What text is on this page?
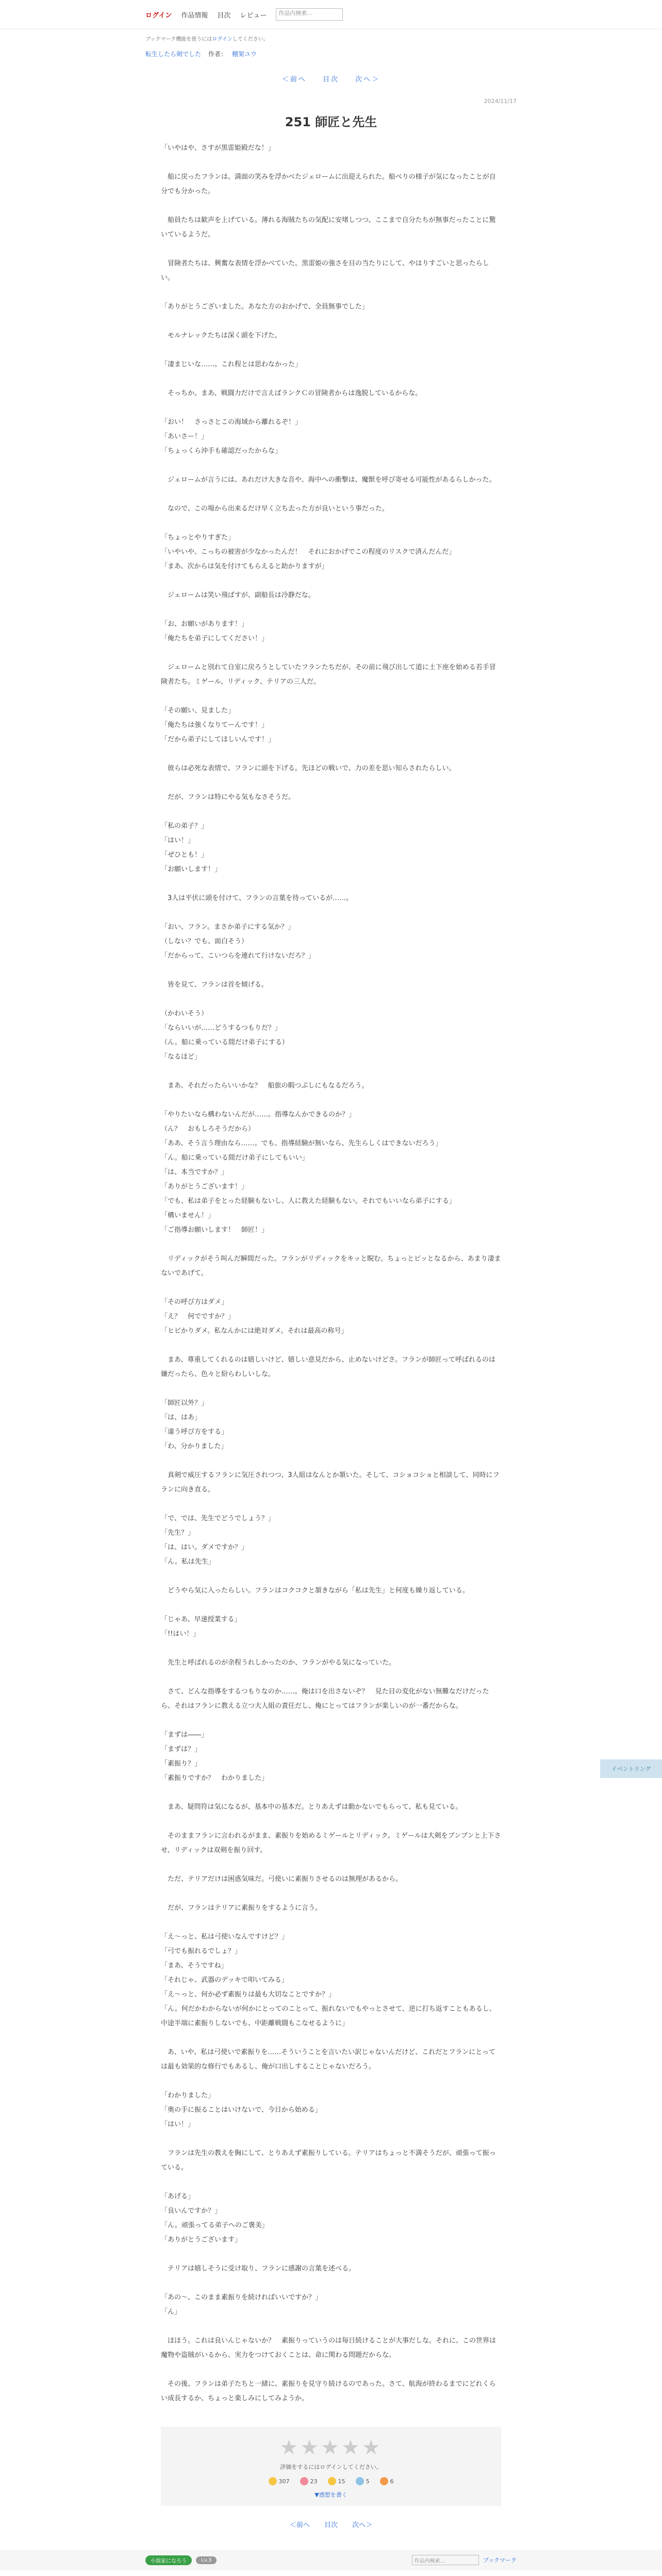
ログイン 作品情報 目次 レビュー	作品内検索…
ブックマーク機能を使うにはログインしてください。
転生したら剣でした 作者： 棚架ユウ
＜前へ 目次 次へ＞
2024/11/17
251 師匠と先生

「いやはや、さすが黒雷姫殿だな！」

　船に戻ったフランは、満面の笑みを浮かべたジェロームに出迎えられた。船べりの様子が気になったことが自分でも分かった。

　船員たちは歓声を上げている。薄れる海賊たちの気配に安堵しつつ、ここまで自分たちが無事だったことに驚いているようだ。

　冒険者たちは、興奮な表情を浮かべていた。黒雷姫の強さを目の当たりにして、やはりすごいと思ったらしい。

「ありがとうございました。あなた方のおかげで、全員無事でした」

　モルナレックたちは深く頭を下げた。

「凄まじいな……。これ程とは思わなかった」

　そっちか。まあ、戦闘力だけで言えばランクＣの冒険者からは逸脱しているからな。

「おい！　さっさとこの海域から離れるぞ！」
「あいさー！」
「ちょっくら沖手も確認だったからな」

　ジェロームが言うには、あれだけ大きな音や、海中への衝撃は、魔獣を呼び寄せる可能性があるらしかった。

　なので、この場から出来るだけ早く立ち去った方が良いという事だった。

「ちょっとやりすぎた」
「いやいや、こっちの被害が少なかったんだ！　それにおかげでこの程度のリスクで済んだんだ」
「まあ、次からは気を付けてもらえると助かりますが」

　ジェロームは笑い飛ばすが、副船長は冷静だな。

「お、お願いがあります！」
「俺たちを弟子にしてください！」

　ジェロームと別れて自室に戻ろうとしていたフランたちだが、その前に飛び出して道に土下座を始める若手冒険者たち。ミゲール、リディック、テリアの三人だ。

「その願い、見ました」
「俺たちは強くなりてーんです！」
「だから弟子にしてほしいんです！」

　彼らは必死な表情で、フランに頭を下げる。先ほどの戦いで、力の差を思い知らされたらしい。

　だが、フランは特にやる気もなさそうだ。

「私の弟子？」
「はい！」
「ぜひとも！」
「お願いします！」

　3人は平伏に頭を付けて、フランの言葉を待っているが……。

「おい、フラン。まさか弟子にする気か？」
（しない？でも、面白そう）
「だからって、こいつらを連れて行けないだろ？」

　皆を見て、フランは首を傾げる。

（かわいそう）
「ならいいが……どうするつもりだ？」
（ん。船に乗っている間だけ弟子にする）
「なるほど」

　まあ、それだったらいいかな？　船旅の暇つぶしにもなるだろう。

「やりたいなら構わないんだが……。指導なんかできるのか？」
（ん？　おもしろそうだから）
「ああ、そう言う理由なら……。でも、指導経験が無いなら、先生らしくはできないだろう」
「ん。船に乗っている間だけ弟子にしてもいい」
「は、本当ですか？」
「ありがとうございます！」
「でも、私は弟子をとった経験もないし、人に教えた経験もない。それでもいいなら弟子にする」
「構いません！」
「ご指導お願いします！　師匠！」

　リディックがそう叫んだ瞬間だった。フランがリディックをキッと睨む。ちょっとピッとなるから、あまり凄まないであげて。

「その呼び方はダメ」
「え？　何でですか？」
「ヒビかりダメ。私なんかには絶対ダメ。それは最高の称号」

　まあ、尊重してくれるのは嬉しいけど、嬉しい意見だから、止めないけどさ。フランが師匠って呼ばれるのは嫌だったら、色々と紛らわしいしな。

「師匠以外？」
「は、はあ」
「違う呼び方をする」
「わ、分かりました」

　真剣で威圧するフランに気圧されつつ、3人組はなんとか頷いた。そして、コショコショと相談して、同時にフランに向き直る。

「で、では、先生でどうでしょう？」
「先生？」
「は、はい。ダメですか？」
「ん。私は先生」

　どうやら気に入ったらしい。フランはコクコクと頷きながら「私は先生」と何度も繰り返している。

「じゃあ、早速授業する」
「!!はい！」

　先生と呼ばれるのが余程うれしかったのか、フランがやる気になっていた。

　さて、どんな指導をするつもりなのか……。俺は口を出さないぞ？　見た目の変化がない無難なだけだったら、それはフランに教える立つ大人組の責任だし、俺にとってはフランが楽しいのが一番だからな。

「まずは――」
「まずは？」
「素振り？」
「素振りですか？　わかりました」

　まあ、疑問符は気になるが、基本中の基本だ。とりあえずは動かないでもらって、私も見ている。

　そのままフランに言われるがまま、素振りを始めるミゲールとリディック。ミゲールは大剣をブンブンと上下させ、リディックは双剣を振り回す。

　ただ、テリアだけは困惑気味だ。弓使いに素振りさせるのは無理があるから。

　だが、フランはテリアに素振りをするように言う。

「え～っと、私は弓使いなんですけど？」
「弓でも振れるでしょ？」
「まあ、そうですね」
「それじゃ、武器のデッキで叩いてみる」
「え～っと、何か必ず素振りは最も大切なことですか？」
「ん。何だかわからないが何かにとってのことって、振れないでもやっとさせて、逆に打ち返すこともあるし、中途半端に素振りしないでも、中距離戦闘もこなせるように」

　あ、いや、私は弓使いで素振りを……そういうことを言いたい訳じゃないんだけど、これだとフランにとっては最も効果的な修行でもあるし、俺が口出しすることじゃないだろう。

「わかりました」
「奥の手に振ることはいけないで、今日から始める」
「はい！」

　フランは先生の教えを胸にして、とりあえず素振りしている。テリアはちょっと不満そうだが、頑張って振っている。

「あげる」
「良いんですか？」
「ん。頑張ってる弟子へのご褒美」
「ありがとうございます」

　テリアは嬉しそうに受け取り、フランに感謝の言葉を述べる。

「あの～、このまま素振りを続ければいいですか？」
「ん」

　ほほう。これは良いんじゃないか？　素振りっていうのは毎日続けることが大事だしな。それに、この世界は魔物や盗賊がいるから、実力をつけておくことは、命に関わる問題だからな。

　その後、フランは弟子たちと一緒に、素振りを見守り続けるのであった。さて、航海が終わるまでにどれくらい成長するか、ちょっと楽しみにしてみようか。

★★★★★
評価をするにはログインしてください。
307	23	15	5	6
▼感想を書く
＜前へ 目次 次へ＞
小説家になろう	Lv.3	作品内検索…	ブックマーク
イベントリング
